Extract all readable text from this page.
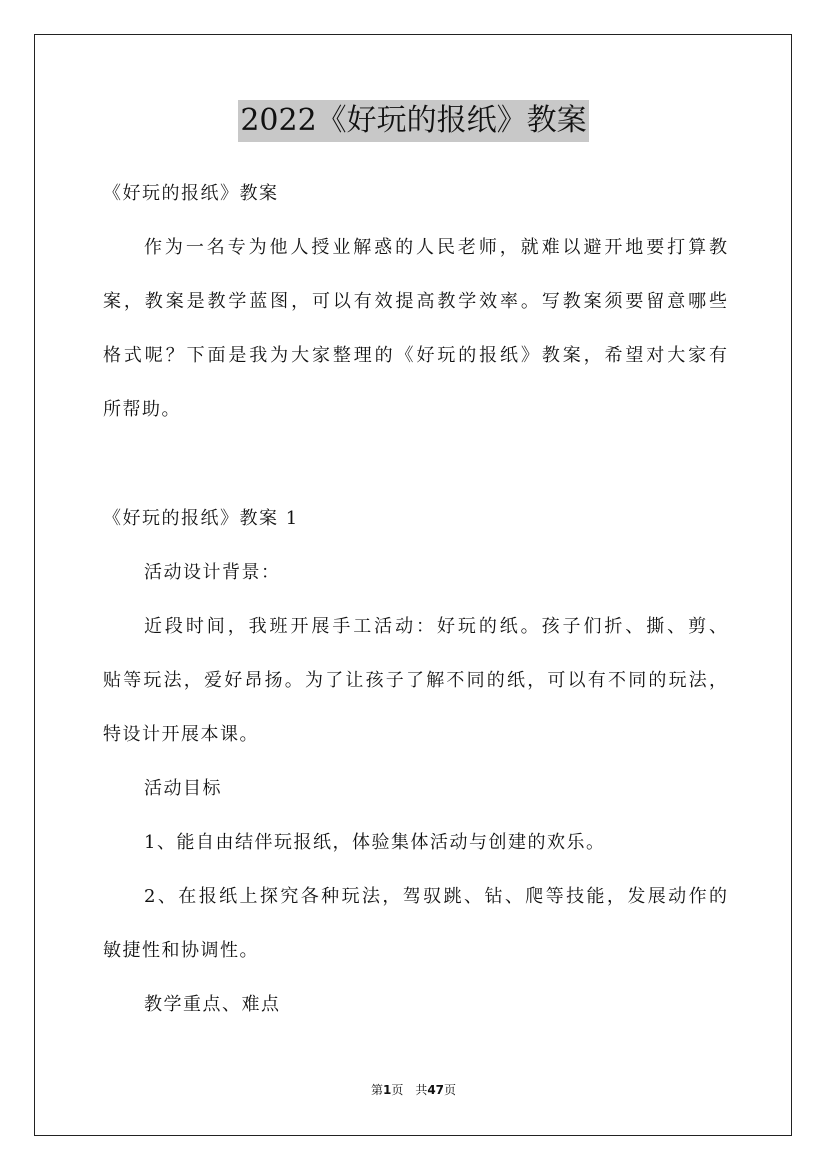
2022《好玩的报纸》教案
《好玩的报纸》教案
作为一名专为他人授业解惑的人民老师，就难以避开地要打算教
案，教案是教学蓝图，可以有效提高教学效率。写教案须要留意哪些
格式呢？下面是我为大家整理的《好玩的报纸》教案，希望对大家有
所帮助。
《好玩的报纸》教案 1
活动设计背景：
近段时间，我班开展手工活动：好玩的纸。孩子们折、撕、剪、
贴等玩法，爱好昂扬。为了让孩子了解不同的纸，可以有不同的玩法，
特设计开展本课。
活动目标
1、能自由结伴玩报纸，体验集体活动与创建的欢乐。
2、在报纸上探究各种玩法，驾驭跳、钻、爬等技能，发展动作的
敏捷性和协调性。
教学重点、难点
第1页　共47页
